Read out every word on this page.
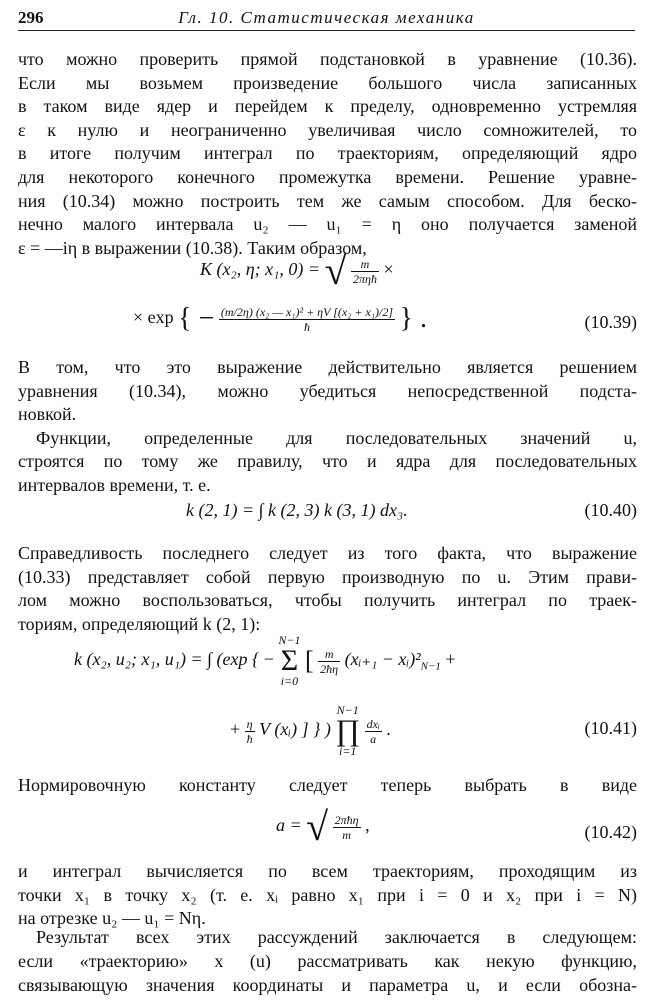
296	Гл. 10. Статистическая механика
что можно проверить прямой подстановкой в уравнение (10.36).
Если мы возьмем произведение большого числа записанных
в таком виде ядер и перейдем к пределу, одновременно устремляя
ε к нулю и неограниченно увеличивая число сомножителей, то
в итоге получим интеграл по траекториям, определяющий ядро
для некоторого конечного промежутка времени. Решение уравне-
ния (10.34) можно построить тем же самым способом. Для беско-
нечно малого интервала u₂ — u₁ = η оно получается заменой
ε = —iη в выражении (10.38). Таким образом,
K (x₂, η; x₁, 0) = √ $\frac{m}{\text{2πηħ}}$ ×
× exp { − $\frac{\text{(m/2η) (x₂ — x₁)² + ηV [(x₂ + x₁)/2]}}{ħ}$ } .	(10.39)
В том, что это выражение действительно является решением
уравнения (10.34), можно убедиться непосредственной подста-
новкой.
Функции, определенные для последовательных значений u,
строятся по тому же правилу, что и ядра для последовательных
интервалов времени, т. е.
k (2, 1) = ∫ k (2, 3) k (3, 1) dx₃.	(10.40)
Справедливость последнего следует из того факта, что выражение
(10.33) представляет собой первую производную по u. Этим прави-
лом можно воспользоваться, чтобы получить интеграл по траек-
ториям, определяющий k (2, 1):
k (x₂, u₂; x₁, u₁) = ∫ (exp { −
N−1
Σ
i=0
[ $\frac{m}{2ħ\eta}$ (xᵢ₊₁ − $xᵢ)^2_{N-1}$ +
+ $\frac{\eta}{ħ}$ V (xᵢ) ] } )
N−1
∏
i=1

$\frac{\text{dxᵢ}}{a}$ .	(10.41)
Нормировочную константу следует теперь выбрать в виде
a = √ $\frac{\text{2πħη}}{m}$ ,	(10.42)
и интеграл вычисляется по всем траекториям, проходящим из
точки x₁ в точку x₂ (т. е. xᵢ равно x₁ при i = 0 и x₂ при i = N)
на отрезке u₂ — u₁ = Nη.
Результат всех этих рассуждений заключается в следующем:
если «траекторию» x (u) рассматривать как некую функцию,
связывающую значения координаты и параметра u, и если обозна-
